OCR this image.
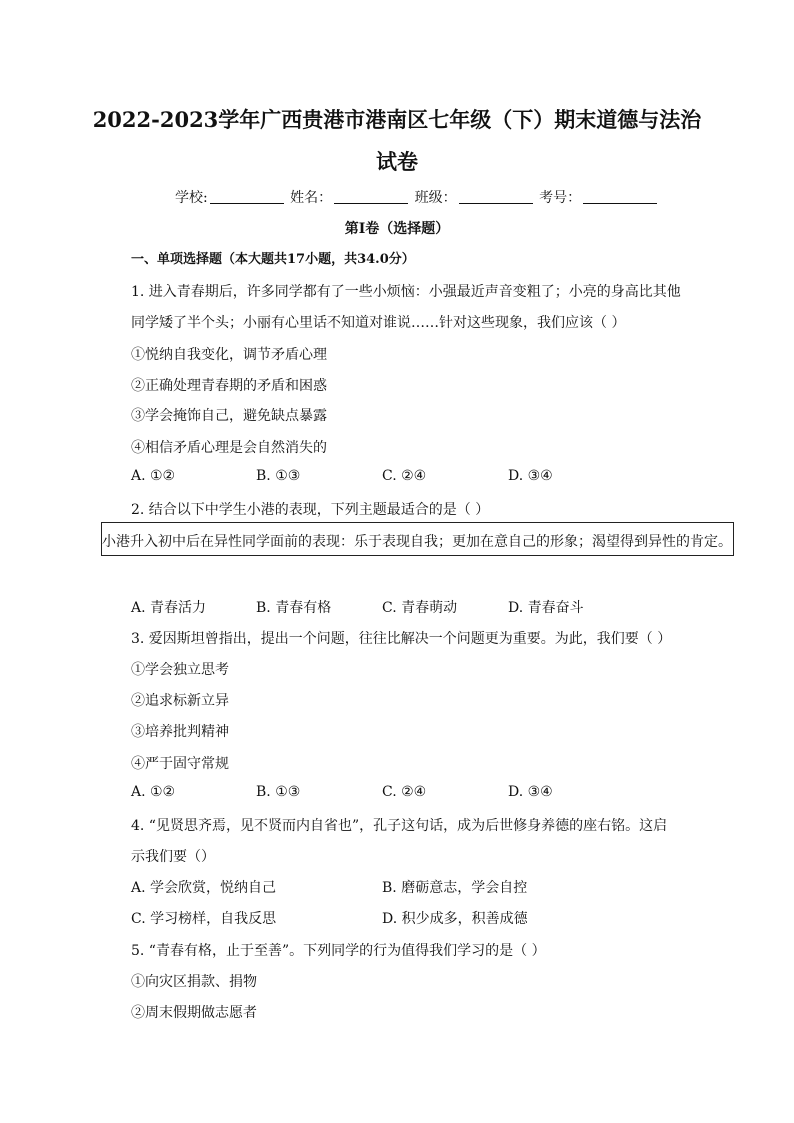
2022-2023学年广西贵港市港南区七年级（下）期末道德与法治
试卷
学校:	姓名：	班级：	考号：
第Ⅰ卷（选择题）
一、单项选择题（本大题共17小题，共34.0分）
1. 进入青春期后，许多同学都有了一些小烦恼：小强最近声音变粗了；小亮的身高比其他
同学矮了半个头；小丽有心里话不知道对谁说……针对这些现象，我们应该（ ）
①悦纳自我变化，调节矛盾心理
②正确处理青春期的矛盾和困惑
③学会掩饰自己，避免缺点暴露
④相信矛盾心理是会自然消失的
A. ①②	B. ①③	C. ②④	D. ③④
2. 结合以下中学生小港的表现，下列主题最适合的是（ ）
小港升入初中后在异性同学面前的表现：乐于表现自我；更加在意自己的形象；渴望得到异性的肯定。
A. 青春活力	B. 青春有格	C. 青春萌动	D. 青春奋斗
3. 爱因斯坦曾指出，提出一个问题，往往比解决一个问题更为重要。为此，我们要（ ）
①学会独立思考
②追求标新立异
③培养批判精神
④严于固守常规
A. ①②	B. ①③	C. ②④	D. ③④
4. “见贤思齐焉，见不贤而内自省也”，孔子这句话，成为后世修身养德的座右铭。这启
示我们要（）
A. 学会欣赏，悦纳自己	B. 磨砺意志，学会自控
C. 学习榜样，自我反思	D. 积少成多，积善成德
5. “青春有格，止于至善”。下列同学的行为值得我们学习的是（ ）
①向灾区捐款、捐物
②周末假期做志愿者
